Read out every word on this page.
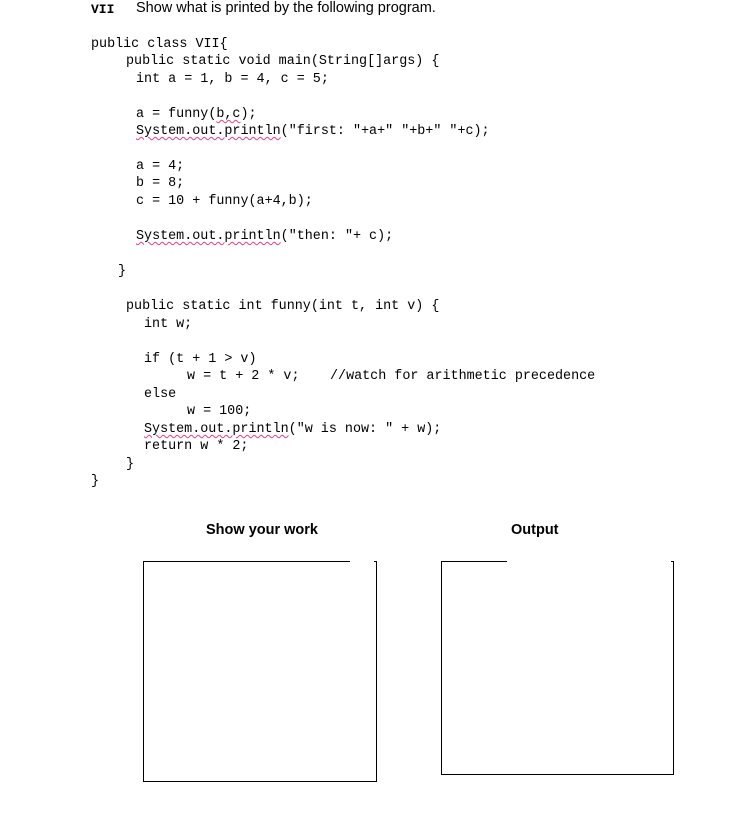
VII Show what is printed by the following program.
public class VII{
public static void main(String[]args) {
int a = 1, b = 4, c = 5;
a = funny(b,c);
System.out.println("first: "+a+" "+b+" "+c);
a = 4;
b = 8;
c = 10 + funny(a+4,b);
System.out.println("then: "+ c);
}
public static int funny(int t, int v) {
int w;
if (t + 1 > v)
w = t + 2 * v; //watch for arithmetic precedence
else
w = 100;
System.out.println("w is now: " + w);
return w * 2;
}
}
Show your work	Output
